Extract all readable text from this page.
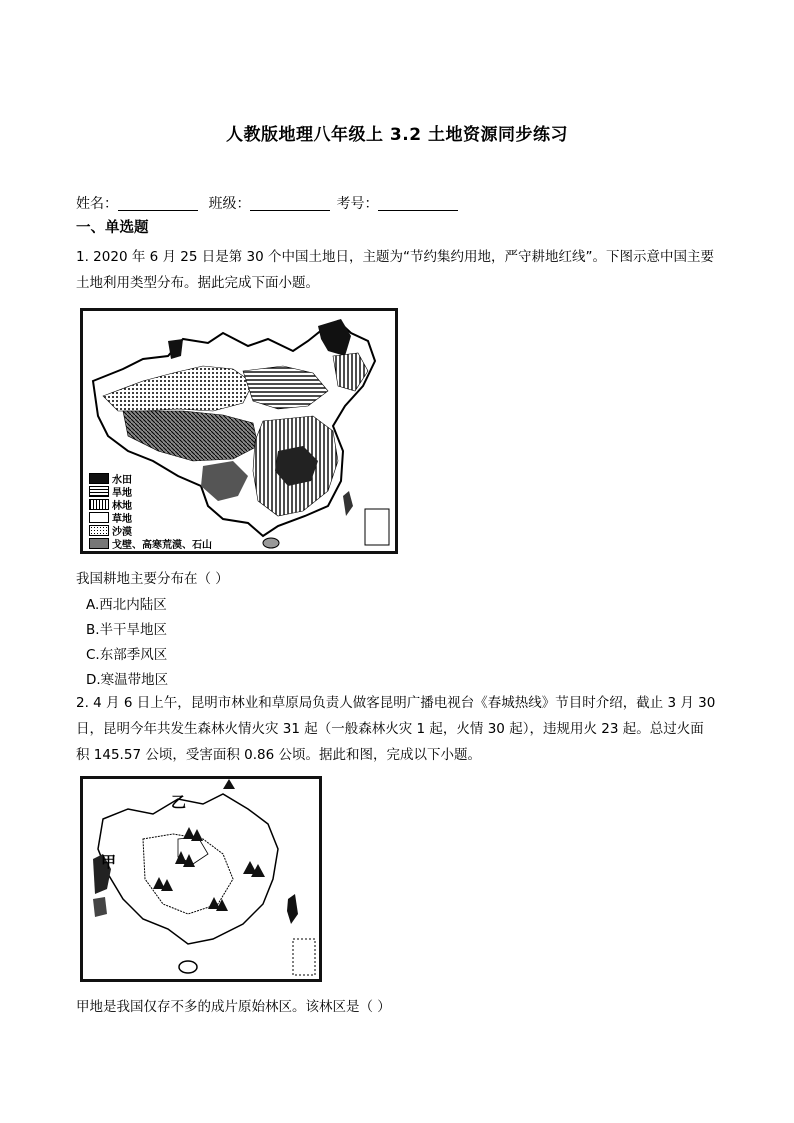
人教版地理八年级上 3.2 土地资源同步练习
姓名：	班级：	考号：
一、单选题
1. 2020 年 6 月 25 日是第 30 个中国土地日，主题为“节约集约用地，严守耕地红线”。下图示意中国主要
土地利用类型分布。据此完成下面小题。
水田
旱地
林地
草地
沙漠
戈壁、高寒荒漠、石山
我国耕地主要分布在（ ）
A.西北内陆区
B.半干旱地区
C.东部季风区
D.寒温带地区
2. 4 月 6 日上午，昆明市林业和草原局负责人做客昆明广播电视台《春城热线》节目时介绍，截止 3 月 30
日，昆明今年共发生森林火情火灾 31 起（一般森林火灾 1 起，火情 30 起），违规用火 23 起。总过火面
积 145.57 公顷，受害面积 0.86 公顷。据此和图，完成以下小题。
乙
甲
甲地是我国仅存不多的成片原始林区。该林区是（ ）
